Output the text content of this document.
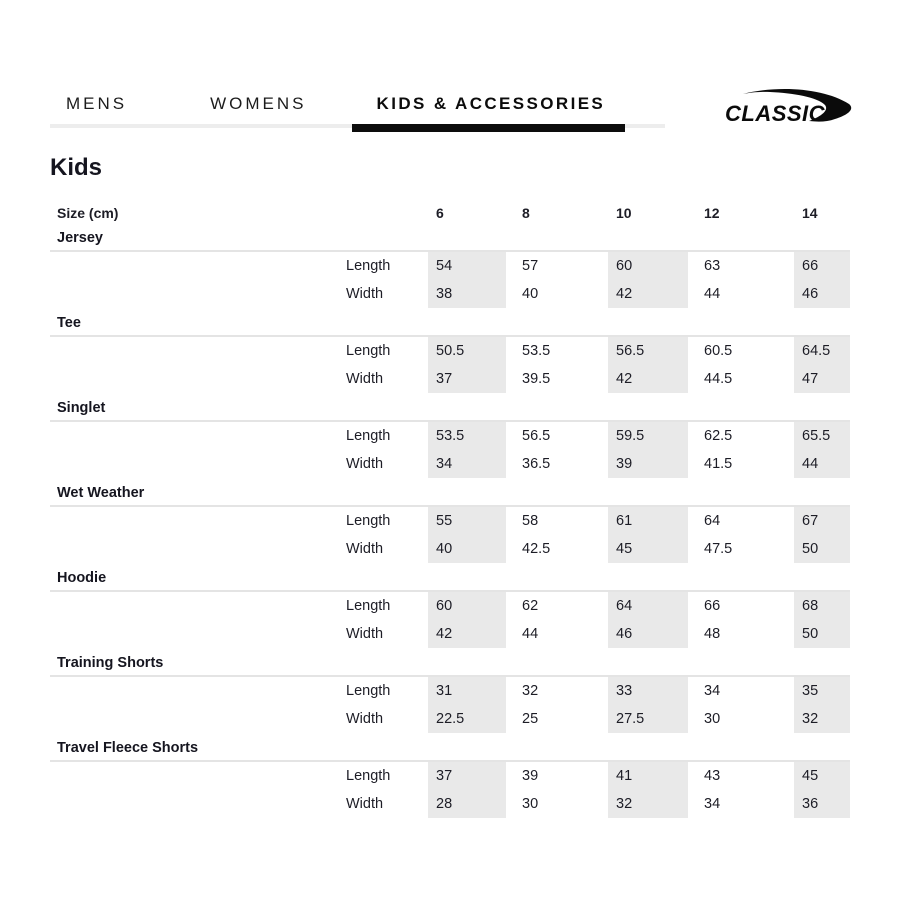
MENS	WOMENS	KIDS & ACCESSORIES	CLASSIC
Kids
Size (cm)	6	8	10	12	14
Jersey
Length	54	57	60	63	66
Width	38	40	42	44	46
Tee
Length	50.5	53.5	56.5	60.5	64.5
Width	37	39.5	42	44.5	47
Singlet
Length	53.5	56.5	59.5	62.5	65.5
Width	34	36.5	39	41.5	44
Wet Weather
Length	55	58	61	64	67
Width	40	42.5	45	47.5	50
Hoodie
Length	60	62	64	66	68
Width	42	44	46	48	50
Training Shorts
Length	31	32	33	34	35
Width	22.5	25	27.5	30	32
Travel Fleece Shorts
Length	37	39	41	43	45
Width	28	30	32	34	36
